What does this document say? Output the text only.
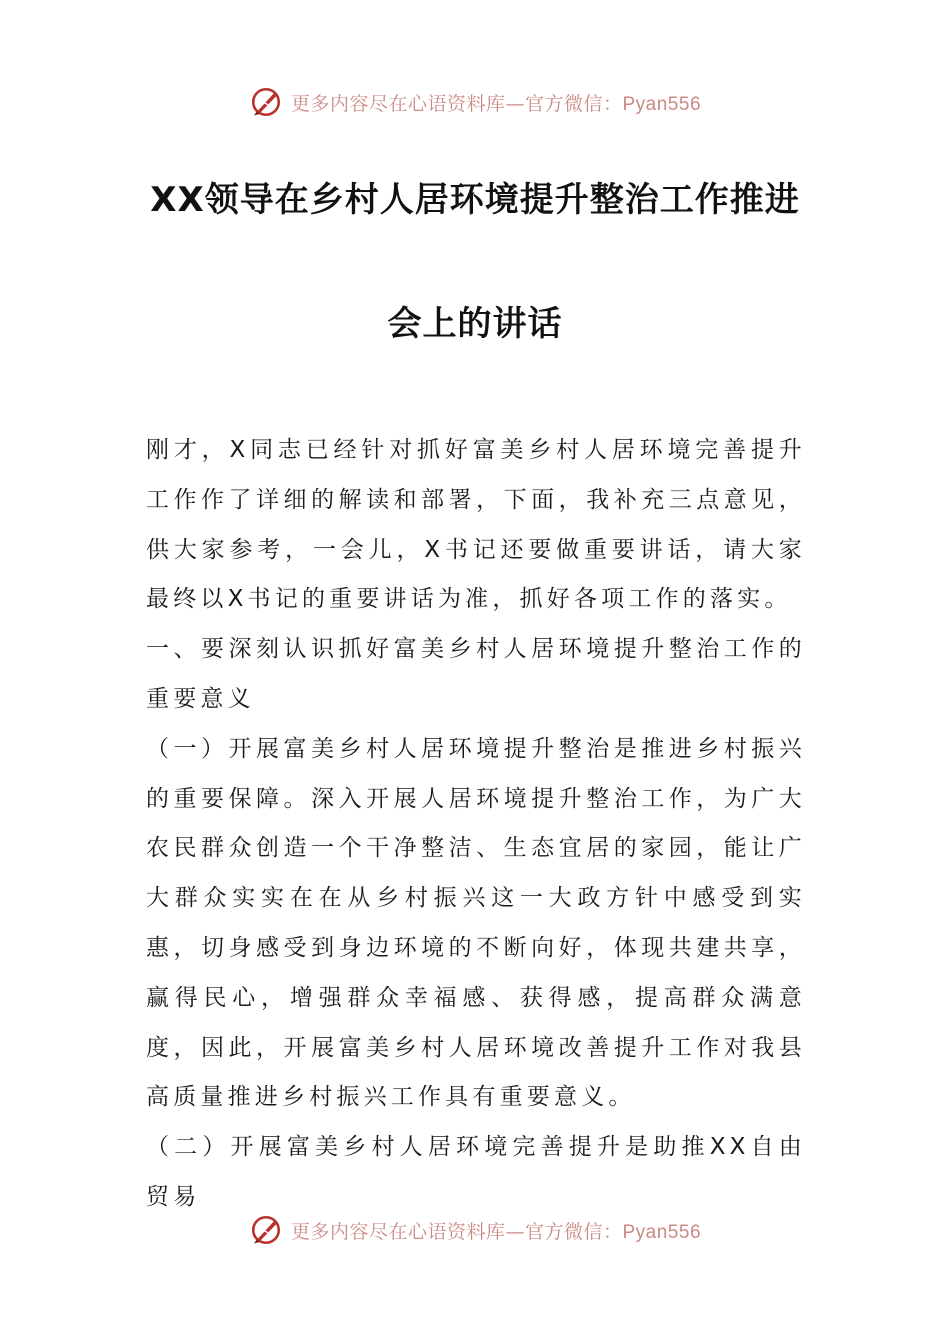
更多内容尽在心语资料库—官方微信：Pyan556
XX领导在乡村人居环境提升整治工作推进
会上的讲话

刚才，X同志已经针对抓好富美乡村人居环境完善提升工作作了详细的解读和部署，下面，我补充三点意见，供大家参考，一会儿，X书记还要做重要讲话，请大家最终以X书记的重要讲话为准，抓好各项工作的落实。

一、要深刻认识抓好富美乡村人居环境提升整治工作的重要意义

（一）开展富美乡村人居环境提升整治是推进乡村振兴的重要保障。深入开展人居环境提升整治工作，为广大农民群众创造一个干净整洁、生态宜居的家园，能让广大群众实实在在从乡村振兴这一大政方针中感受到实惠，切身感受到身边环境的不断向好，体现共建共享，赢得民心，增强群众幸福感、获得感，提高群众满意度，因此，开展富美乡村人居环境改善提升工作对我县高质量推进乡村振兴工作具有重要意义。

（二）开展富美乡村人居环境完善提升是助推XX自由贸易

更多内容尽在心语资料库—官方微信：Pyan556
